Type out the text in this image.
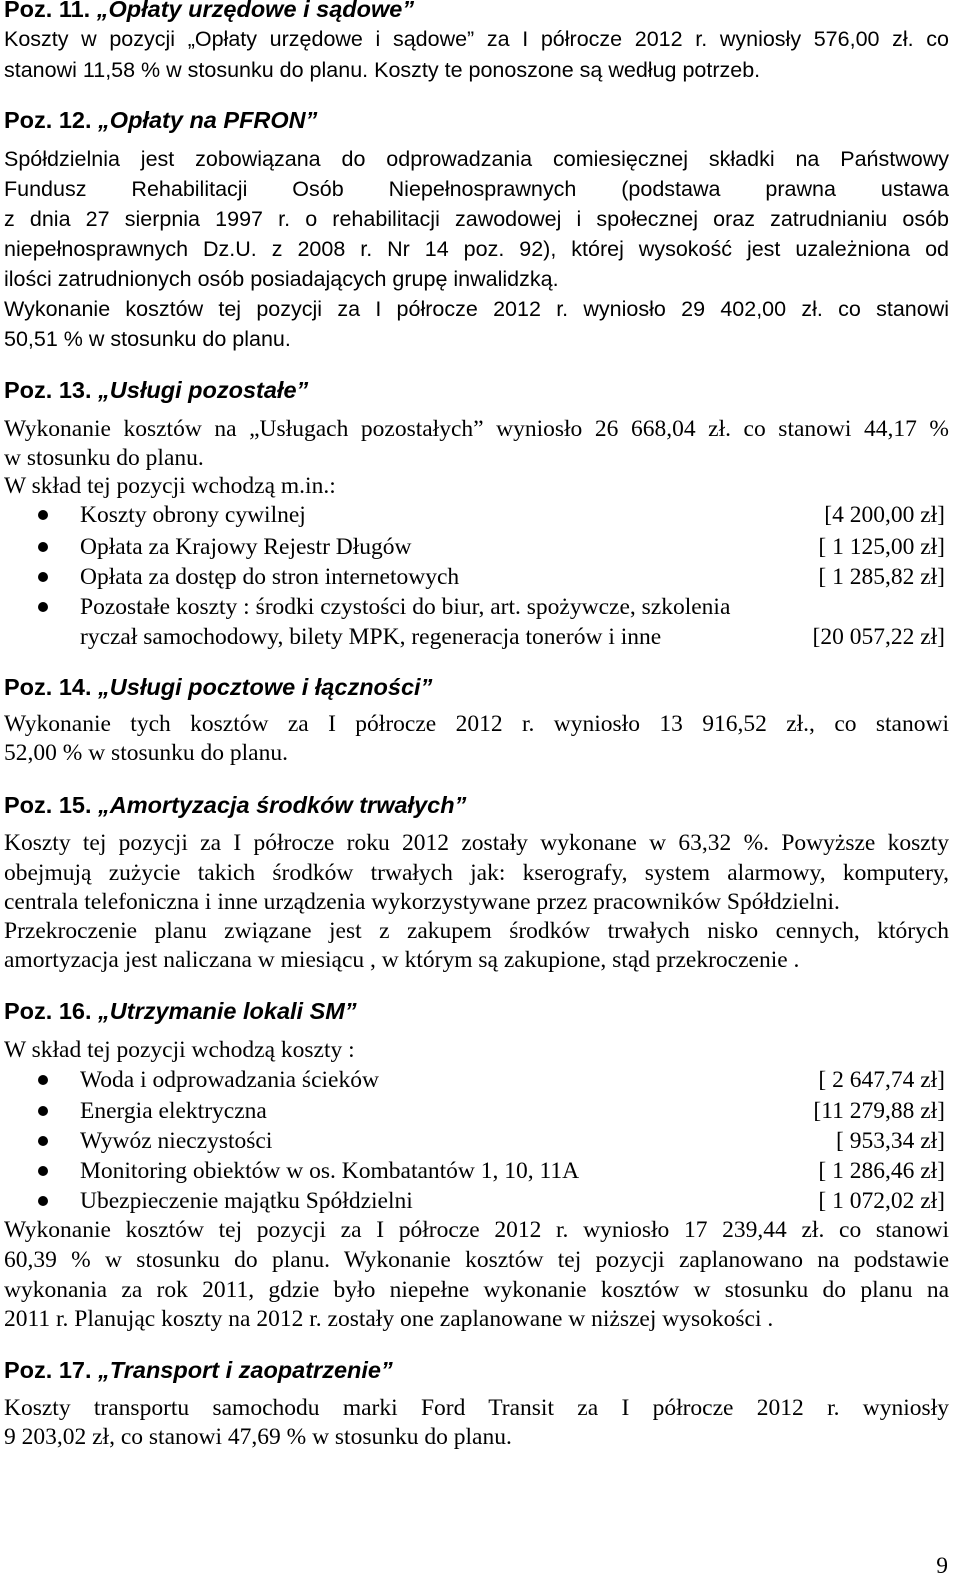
Poz. 11. „Opłaty urzędowe i sądowe”
Koszty w pozycji „Opłaty urzędowe i sądowe” za I półrocze 2012 r. wyniosły 576,00 zł. co
stanowi 11,58 % w stosunku do planu. Koszty te ponoszone są według potrzeb.
Poz. 12. „Opłaty na PFRON”
Spółdzielnia jest zobowiązana do odprowadzania comiesięcznej składki na Państwowy
Fundusz Rehabilitacji Osób Niepełnosprawnych (podstawa prawna ustawa
z dnia 27 sierpnia 1997 r. o rehabilitacji zawodowej i społecznej oraz zatrudnianiu osób
niepełnosprawnych Dz.U. z 2008 r. Nr 14 poz. 92), której wysokość jest uzależniona od
ilości zatrudnionych osób posiadających grupę inwalidzką.
Wykonanie kosztów tej pozycji za I półrocze 2012 r. wyniosło 29 402,00 zł. co stanowi
50,51 % w stosunku do planu.
Poz. 13. „Usługi pozostałe”
Wykonanie kosztów na „Usługach pozostałych” wyniosło 26 668,04 zł. co stanowi 44,17 %
w stosunku do planu.
W skład tej pozycji wchodzą m.in.:
Koszty obrony cywilnej	[4 200,00 zł]
Opłata za Krajowy Rejestr Długów	[ 1 125,00 zł]
Opłata za dostęp do stron internetowych	[ 1 285,82 zł]
Pozostałe koszty : środki czystości do biur, art. spożywcze, szkolenia
ryczał samochodowy, bilety MPK, regeneracja tonerów i inne	[20 057,22 zł]
Poz. 14. „Usługi pocztowe i łączności”
Wykonanie tych kosztów za I półrocze 2012 r. wyniosło 13 916,52 zł., co stanowi
52,00 % w stosunku do planu.
Poz. 15. „Amortyzacja środków trwałych”
Koszty tej pozycji za I półrocze roku 2012 zostały wykonane w 63,32 %. Powyższe koszty
obejmują zużycie takich środków trwałych jak: kserografy, system alarmowy, komputery,
centrala telefoniczna i inne urządzenia wykorzystywane przez pracowników Spółdzielni.
Przekroczenie planu związane jest z zakupem środków trwałych nisko cennych, których
amortyzacja jest naliczana w miesiącu , w którym są zakupione, stąd przekroczenie .
Poz. 16. „Utrzymanie lokali SM”
W skład tej pozycji wchodzą koszty :
Woda i odprowadzania ścieków	[ 2 647,74 zł]
Energia elektryczna	[11 279,88 zł]
Wywóz nieczystości	[ 953,34 zł]
Monitoring obiektów w os. Kombatantów 1, 10, 11A	[ 1 286,46 zł]
Ubezpieczenie majątku Spółdzielni	[ 1 072,02 zł]
Wykonanie kosztów tej pozycji za I półrocze 2012 r. wyniosło 17 239,44 zł. co stanowi
60,39 % w stosunku do planu. Wykonanie kosztów tej pozycji zaplanowano na podstawie
wykonania za rok 2011, gdzie było niepełne wykonanie kosztów w stosunku do planu na
2011 r. Planując koszty na 2012 r. zostały one zaplanowane w niższej wysokości .
Poz. 17. „Transport i zaopatrzenie”
Koszty transportu samochodu marki Ford Transit za I półrocze 2012 r. wyniosły
9 203,02 zł, co stanowi 47,69 % w stosunku do planu.
9
